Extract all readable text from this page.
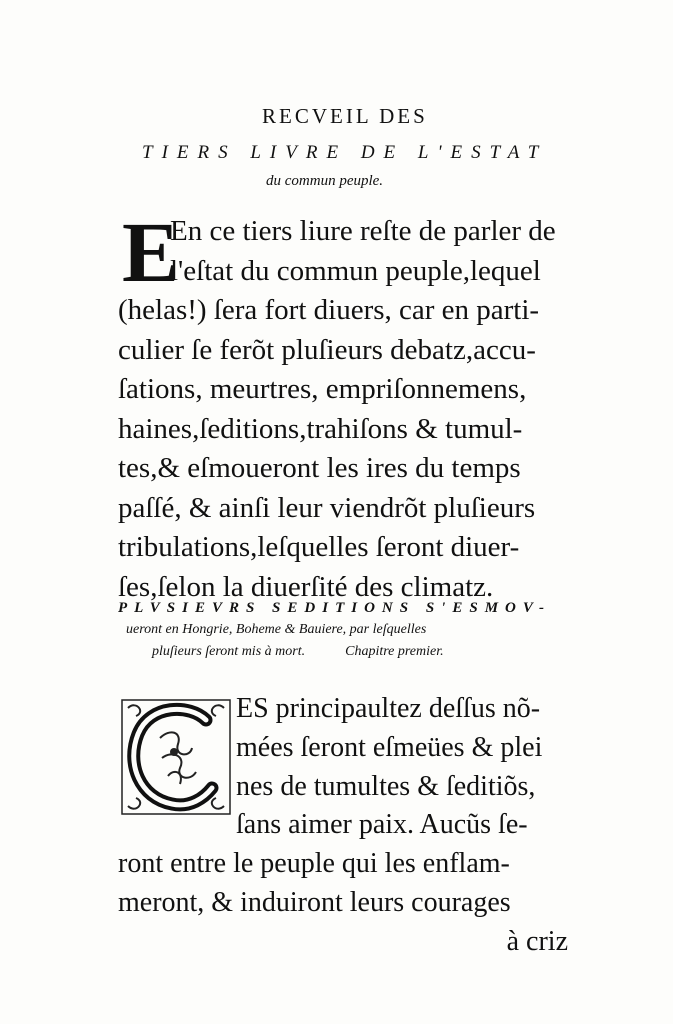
RECVEIL DES
TIERS LIVRE DE L'ESTAT
du commun peuple.
E
En ce tiers liure reſte de parler de
l'eſtat du commun peuple,lequel
(helas!) ſera fort diuers, car en parti-
culier ſe ferõt pluſieurs debatz,accu-
ſations, meurtres, empriſonnemens,
haines,ſeditions,trahiſons & tumul-
tes,& eſmoueront les ires du temps
paſſé, & ainſi leur viendrõt pluſieurs
tribulations,leſquelles ſeront diuer-
ſes,ſelon la diuerſité des climatz.
PLVSIEVRS SEDITIONS S'ESMOV-
ueront en Hongrie, Boheme & Bauiere, par leſquelles
pluſieurs ſeront mis à mort.	Chapitre premier.
ES principaultez deſſus nõ-
mées ſeront eſmeües & plei
nes de tumultes & ſeditiõs,
ſans aimer paix. Aucũs ſe-
ront entre le peuple qui les enflam-
meront, & induiront leurs courages
à criz
